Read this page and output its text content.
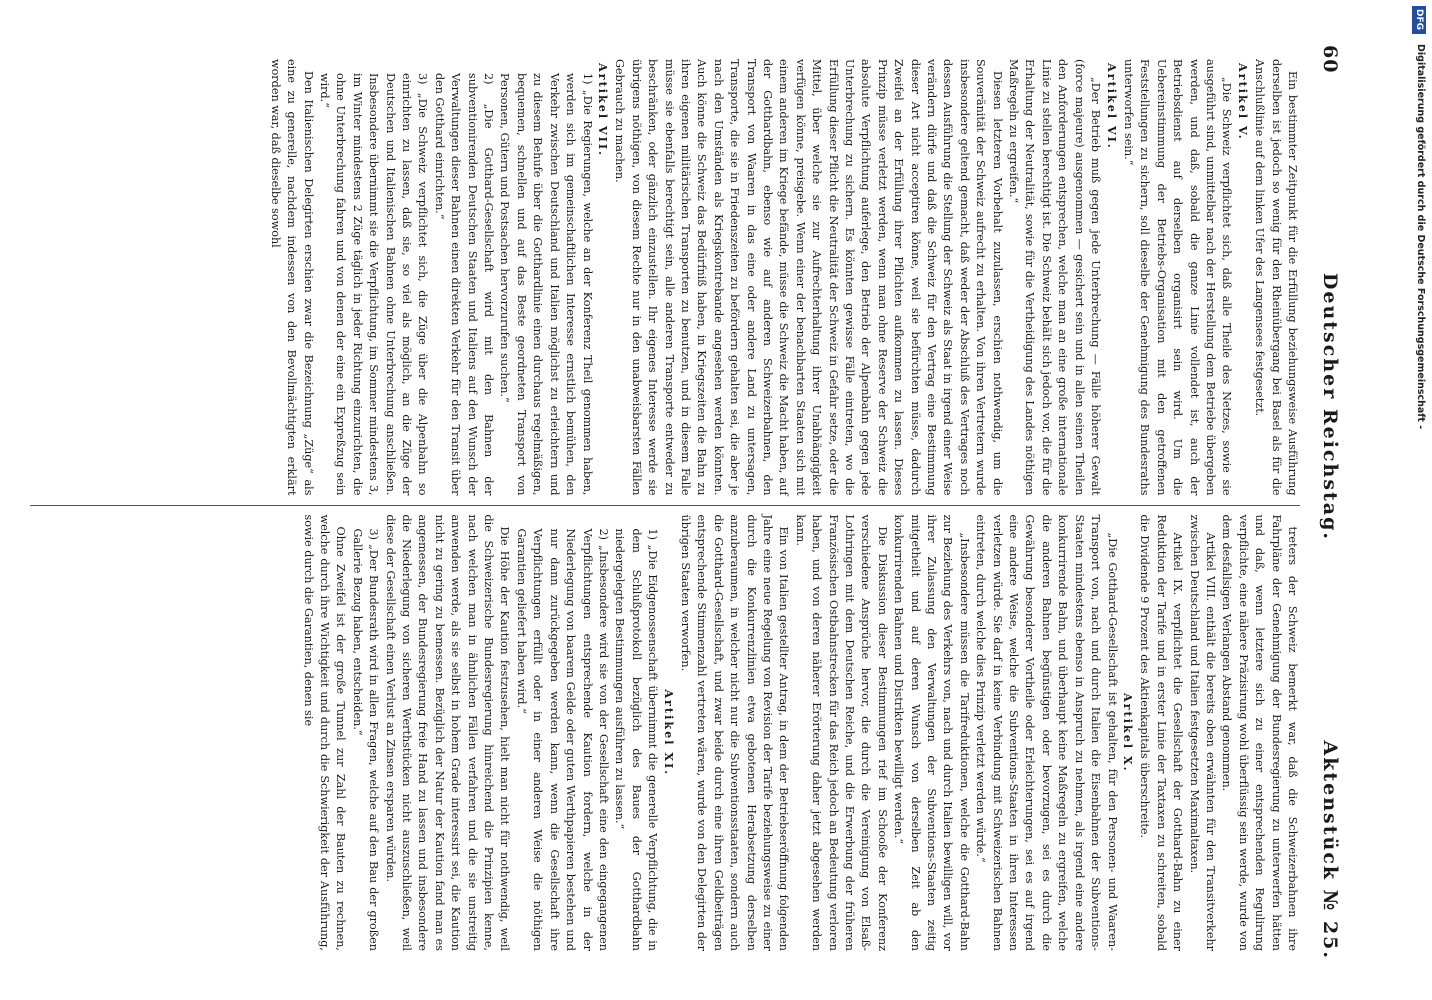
60
Deutscher Reichstag.
Aktenstück № 25.

Ein bestimmter Zeitpunkt für die Erfüllung beziehungsweise Ausführung derselben ist jedoch so wenig für den Rheinübergang bei Basel als für die Anschlußlinie auf dem linken Ufer des Langensees festgesetzt.

Artikel V.

„Die Schweiz verpflichtet sich, daß alle Theile des Netzes, sowie sie ausgeführt sind, unmittelbar nach der Herstellung dem Betriebe übergeben werden, und daß, sobald die ganze Linie vollendet ist, auch der Betriebsdienst auf derselben organisirt sein wird. Um die Uebereinstimmung der Betriebs-Organisation mit den getroffenen Feststellungen zu sichern, soll dieselbe der Genehmigung des Bundesraths unterworfen sein.“

Artikel VI.

„Der Betrieb muß gegen jede Unterbrechung — Fälle höherer Gewalt (force majeure) ausgenommen — gesichert sein und in allen seinen Theilen den Anforderungen entsprechen, welche man an eine große internationale Linie zu stellen berechtigt ist. Die Schweiz behält sich jedoch vor, die für die Erhaltung der Neutralität, sowie für die Vertheidigung des Landes nöthigen Maßregeln zu ergreifen.“

Diesen letzteren Vorbehalt zuzulassen, erschien nothwendig, um die Souveränität der Schweiz aufrecht zu erhalten. Von ihren Vertretern wurde insbesondere geltend gemacht, daß weder der Abschluß des Vertrages noch dessen Ausführung die Stellung der Schweiz als Staat in irgend einer Weise verändern dürfe und daß die Schweiz für den Vertrag eine Bestimmung dieser Art nicht acceptiren könne, weil sie befürchten müsse, dadurch Zweifel an der Erfüllung ihrer Pflichten aufkommen zu lassen. Dieses Prinzip müsse verletzt werden, wenn man ohne Reserve der Schweiz die absolute Verpflichtung auferlege, den Betrieb der Alpenbahn gegen jede Unterbrechung zu sichern. Es könnten gewisse Fälle eintreten, wo die Erfüllung dieser Pflicht die Neutralität der Schweiz in Gefahr setze, oder die Mittel, über welche sie zur Aufrechterhaltung ihrer Unabhängigkeit verfügen könne, preisgebe. Wenn einer der benachbarten Staaten sich mit einem anderen im Kriege befände, müsse die Schweiz die Macht haben, auf der Gotthardbahn, ebenso wie auf anderen Schweizerbahnen, den Transport von Waaren in das eine oder andere Land zu untersagen, Transporte, die sie in Friedenszeiten zu befördern gehalten sei, die aber je nach den Umständen als Kriegskontrebande angesehen werden könnten. Auch könne die Schweiz das Bedürfniß haben, in Kriegszeiten die Bahn zu ihren eigenen militärischen Transporten zu benutzen, und in diesem Falle müsse sie ebenfalls berechtigt sein, alle anderen Transporte entweder zu beschränken, oder gänzlich einzustellen. Ihr eigenes Interesse werde sie übrigens nöthigen, von diesem Rechte nur in den unabweisbarsten Fällen Gebrauch zu machen.

Artikel VII.

1) „Die Regierungen, welche an der Konferenz Theil genommen haben, werden sich im gemeinschaftlichen Interesse ernstlich bemühen, den Verkehr zwischen Deutschland und Italien möglichst zu erleichtern und zu diesem Behufe über die Gotthardlinie einen durchaus regelmäßigen, bequemen, schnellen und auf das Beste geordneten Transport von Personen, Gütern und Postsachen hervorzurufen suchen.“

2) „Die Gotthard-Gesellschaft wird mit den Bahnen der subventionirenden Deutschen Staaten und Italiens auf den Wunsch der Verwaltungen dieser Bahnen einen direkten Verkehr für den Transit über den Gotthard einrichten.“

3) „Die Schweiz verpflichtet sich, die Züge über die Alpenbahn so einrichten zu lassen, daß sie, so viel als möglich, an die Züge der Deutschen und Italienischen Bahnen ohne Unterbrechung anschließen. Insbesondere übernimmt sie die Verpflichtung, im Sommer mindestens 3, im Winter mindestens 2 Züge täglich in jeder Richtung einzurichten, die ohne Unterbrechung fahren und von denen der eine ein Expreßzug sein wird.“

Den Italienischen Delegirten erschien zwar die Bezeichnung „Züge“ als eine zu generelle, nachdem indessen von den Bevollmächtigten erklärt worden war, daß dieselbe sowohl

treters der Schweiz bemerkt war, daß die Schweizerbahnen ihre Fahrpläne der Genehmigung der Bundesregierung zu unterwerfen hätten und daß, wenn letztere sich zu einer entsprechenden Regulirung verpflichte, eine nähere Präzisirung wohl überflüssig sein werde, wurde von dem desfallsigen Verlangen Abstand genommen.

Artikel VIII. enthält die bereits oben erwähnten für den Transitverkehr zwischen Deutschland und Italien festgesetzten Maximaltaxen.

Artikel IX. verpflichtet die Gesellschaft der Gotthard-Bahn zu einer Reduktion der Tarife und in erster Linie der Taxtaxen zu schreiten, sobald die Dividende 9 Prozent des Aktienkapitals überschreite.

Artikel X.

„Die Gotthard-Gesellschaft ist gehalten, für den Personen- und Waaren-Transport von, nach und durch Italien die Eisenbahnen der Subventions-Staaten mindestens ebenso in Anspruch zu nehmen, als irgend eine andere konkurrirende Bahn, und überhaupt keine Maßregeln zu ergreifen, welche die anderen Bahnen begünstigen oder bevorzugen, sei es durch die Gewährung besonderer Vortheile oder Erleichterungen, sei es auf irgend eine andere Weise, welche die Subventions-Staaten in ihren Interessen verletzen würde. Sie darf in keine Verbindung mit Schweizerischen Bahnen eintreten, durch welche dies Prinzip verletzt werden würde.“

„Insbesondere müssen die Tarifreduktionen, welche die Gotthard-Bahn zur Beziehung des Verkehrs von, nach und durch Italien bewilligen will, vor ihrer Zulassung den Verwaltungen der Subventions-Staaten zeitig mitgetheilt und auf deren Wunsch von derselben Zeit ab den konkurrirenden Bahnen und Distrikten bewilligt werden.“

Die Diskussion dieser Bestimmungen rief im Schooße der Konferenz verschiedene Ansprüche hervor, die durch die Vereinigung von Elsaß-Lothringen mit dem Deutschen Reiche, und die Erwerbung der früheren Französischen Ostbahnstrecken für das Reich jedoch an Bedeutung verloren haben, und von deren näherer Erörterung daher jetzt abgesehen werden kann.

Ein von Italien gestellter Antrag, in dem der Betriebseröffnung folgenden Jahre eine neue Regelung von Revision der Tarife beziehungsweise zu einer durch die Konkurrenzlinien etwa gebotenen Herabsetzung derselben anzuberaumen, in welcher nicht nur die Subventionsstaaten, sondern auch die Gotthard-Gesellschaft, und zwar beide durch eine ihren Geldbeiträgen entsprechende Stimmenzahl vertreten wären, wurde von den Delegirten der übrigen Staaten verworfen.

Artikel XI.

1) „Die Eidgenossenschaft übernimmt die generelle Verpflichtung, die in dem Schlußprotokoll bezüglich des Baues der Gotthardbahn niedergelegten Bestimmungen ausführen zu lassen.“

2) „Insbesondere wird sie von der Gesellschaft eine den eingegangenen Verpflichtungen entsprechende Kaution fordern, welche in der Niederlegung von baarem Gelde oder guten Werthpapieren bestehen und nur dann zurückgegeben werden kann, wenn die Gesellschaft ihre Verpflichtungen erfüllt oder in einer anderen Weise die nöthigen Garantien geliefert haben wird.“

Die Höhe der Kaution festzusehen, hielt man nicht für nothwendig, weil die Schweizerische Bundesregierung hinreichend die Prinzipien kenne, nach welchen man in ähnlichen Fällen verfahren und die sie unstreitig anwenden werde, als sie selbst in hohem Grade interessirt sei, die Kaution nicht zu gering zu bemessen. Bezüglich der Natur der Kaution fand man es angemessen, der Bundesregierung freie Hand zu lassen und insbesondere die Niederlegung von sicheren Werthstücken nicht auszuschließen, weil diese der Gesellschaft einen Verlust an Zinsen ersparen würden.

3) „Der Bundesrath wird in allen Fragen, welche auf den Bau der großen Gallerie Bezug haben, entscheiden.“

Ohne Zweifel ist der große Tunnel zur Zahl der Bauten zu rechnen, welche durch ihre Wichtigkeit und durch die Schwierigkeit der Ausführung, sowie durch die Garantien, denen sie

DFG
Digitalisierung gefördert durch die Deutsche Forschungsgemeinschaft -
